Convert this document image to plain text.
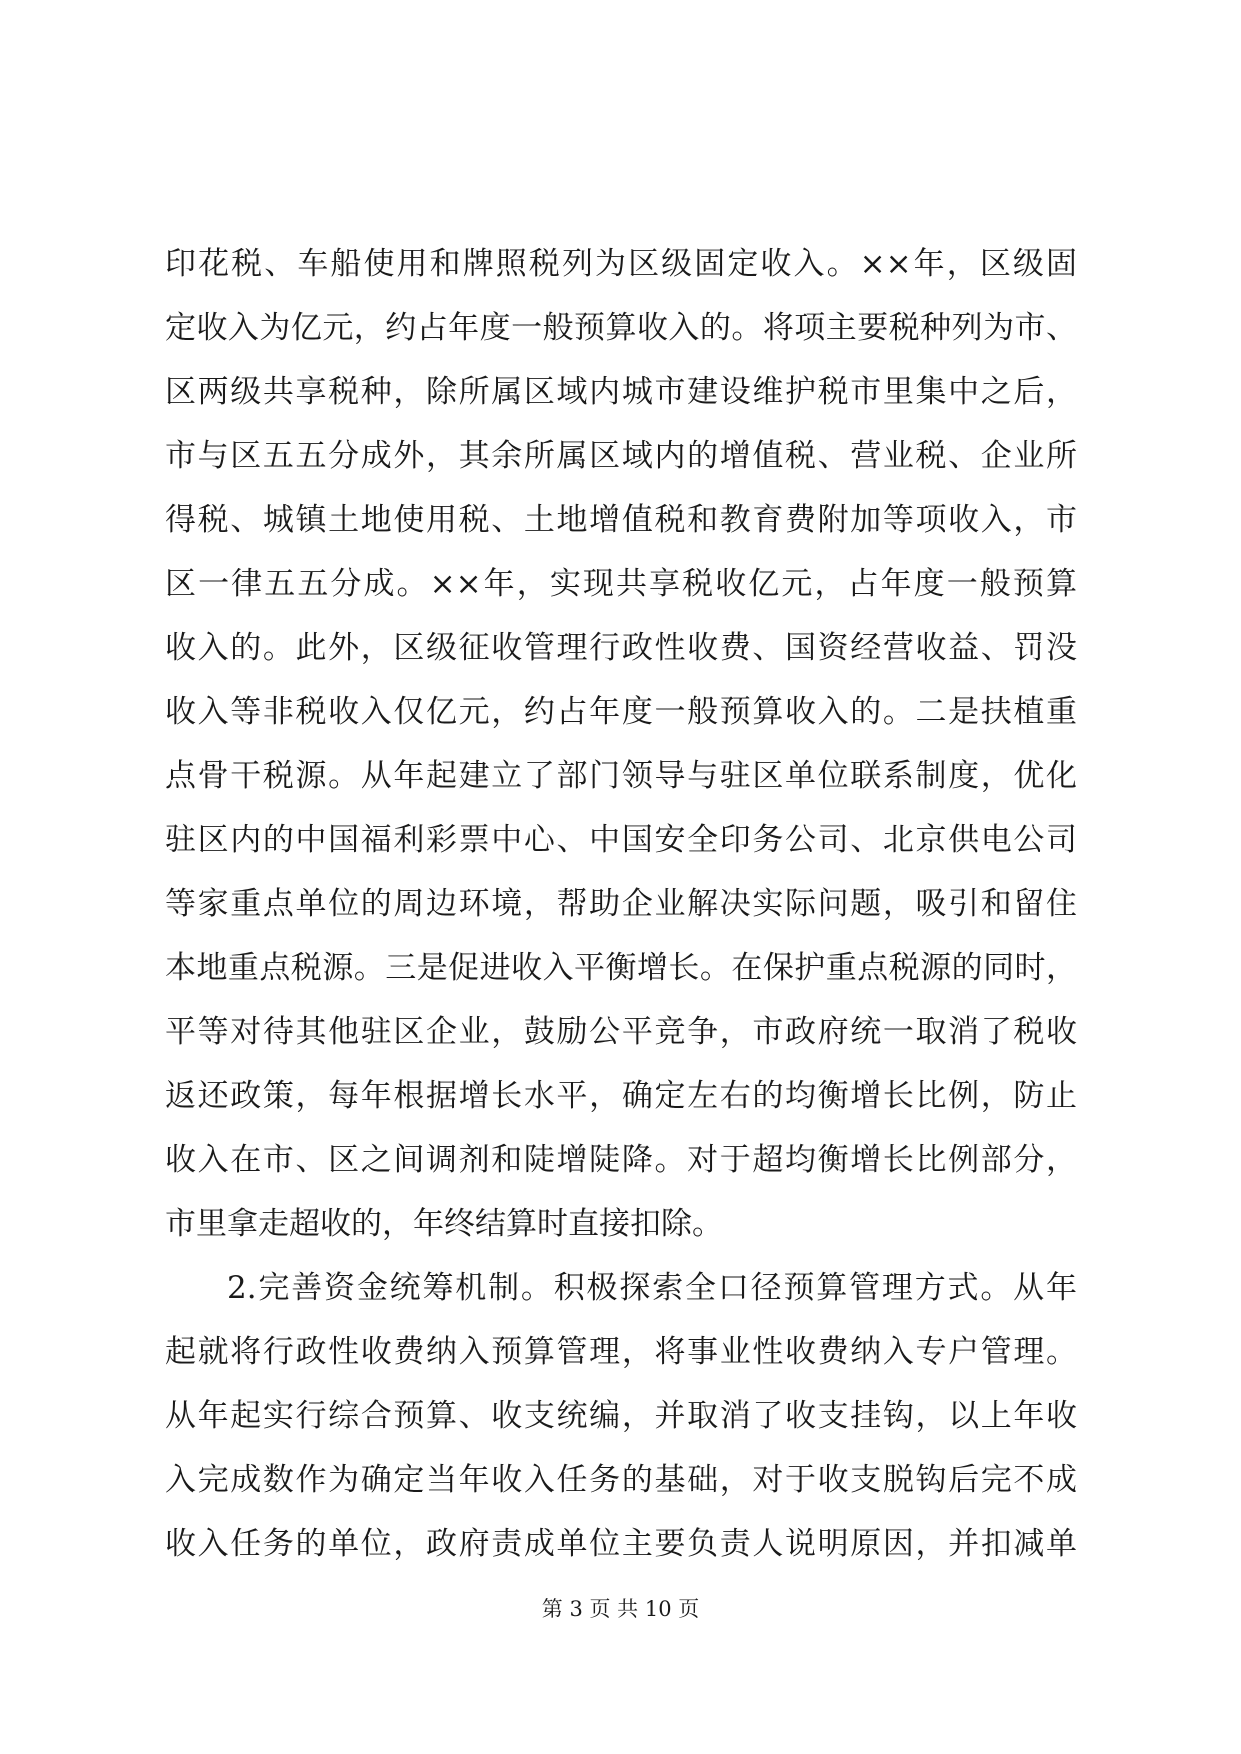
印花税、车船使用和牌照税列为区级固定收入。××年，区级固
定收入为亿元，约占年度一般预算收入的。将项主要税种列为市、
区两级共享税种，除所属区域内城市建设维护税市里集中之后，
市与区五五分成外，其余所属区域内的增值税、营业税、企业所
得税、城镇土地使用税、土地增值税和教育费附加等项收入，市
区一律五五分成。××年，实现共享税收亿元，占年度一般预算
收入的。此外，区级征收管理行政性收费、国资经营收益、罚没
收入等非税收入仅亿元，约占年度一般预算收入的。二是扶植重
点骨干税源。从年起建立了部门领导与驻区单位联系制度，优化
驻区内的中国福利彩票中心、中国安全印务公司、北京供电公司
等家重点单位的周边环境，帮助企业解决实际问题，吸引和留住
本地重点税源。三是促进收入平衡增长。在保护重点税源的同时，
平等对待其他驻区企业，鼓励公平竞争，市政府统一取消了税收
返还政策，每年根据增长水平，确定左右的均衡增长比例，防止
收入在市、区之间调剂和陡增陡降。对于超均衡增长比例部分，
市里拿走超收的，年终结算时直接扣除。
2.完善资金统筹机制。积极探索全口径预算管理方式。从年
起就将行政性收费纳入预算管理，将事业性收费纳入专户管理。
从年起实行综合预算、收支统编，并取消了收支挂钩，以上年收
入完成数作为确定当年收入任务的基础，对于收支脱钩后完不成
收入任务的单位，政府责成单位主要负责人说明原因，并扣减单
第 3 页 共 10 页
